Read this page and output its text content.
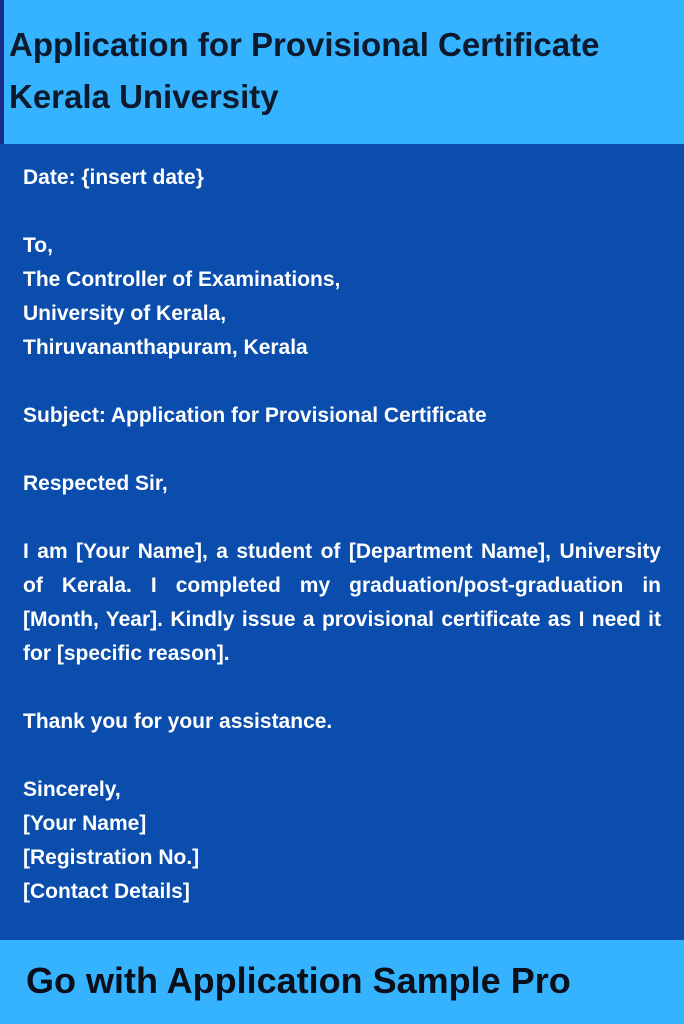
Application for Provisional Certificate
Kerala University
Date: {insert date}
To,
The Controller of Examinations,
University of Kerala,
Thiruvananthapuram, Kerala
Subject: Application for Provisional Certificate
Respected Sir,
I am [Your Name], a student of [Department Name], University of Kerala. I completed my graduation/post-graduation in [Month, Year]. Kindly issue a provisional certificate as I need it for [specific reason].
Thank you for your assistance.
Sincerely,
[Your Name]
[Registration No.]
[Contact Details]
Go with Application Sample Pro
